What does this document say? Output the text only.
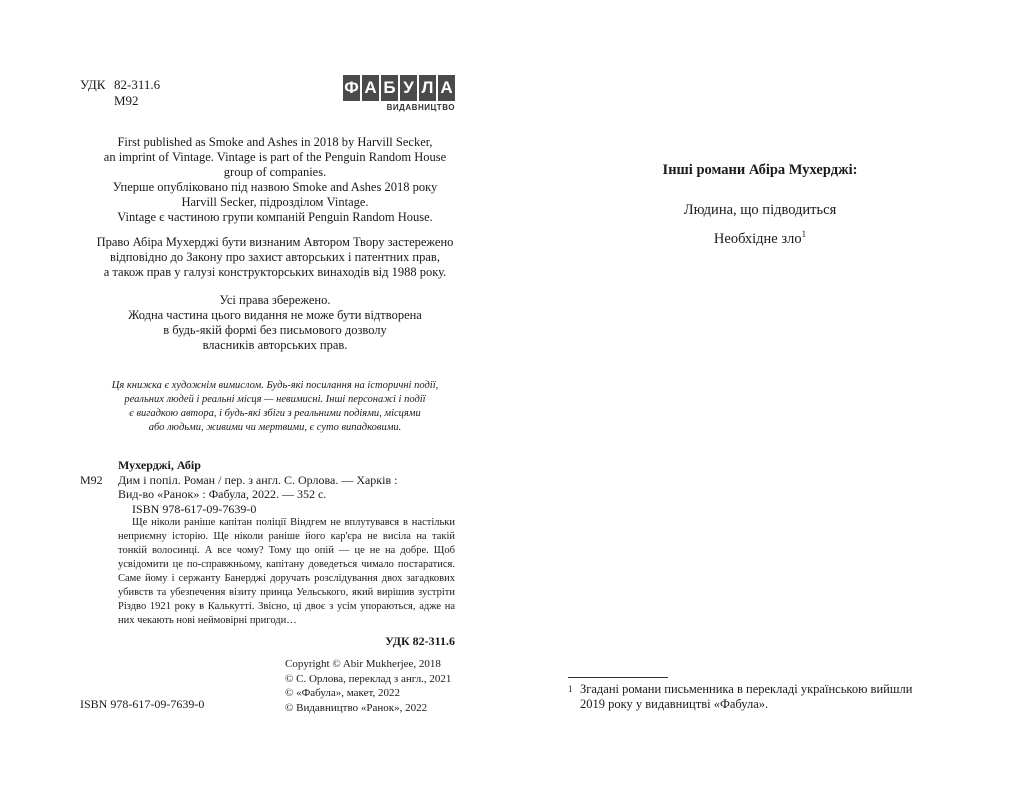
УДК 82-311.6
М92
Ф А Б У Л А
ВИДАВНИЦТВО
First published as Smoke and Ashes in 2018 by Harvill Secker,
an imprint of Vintage. Vintage is part of the Penguin Random House
group of companies.
Уперше опубліковано під назвою Smoke and Ashes 2018 року
Harvill Secker, підрозділом Vintage.
Vintage є частиною групи компаній Penguin Random House.
Право Абіра Мухерджі бути визнаним Автором Твору застережено
відповідно до Закону про захист авторських і патентних прав,
а також прав у галузі конструкторських винаходів від 1988 року.
Усі права збережено.
Жодна частина цього видання не може бути відтворена
в будь-якій формі без письмового дозволу
власників авторських прав.
Ця книжка є художнім вимислом. Будь-які посилання на історичні події,
реальних людей і реальні місця — невимисні. Інші персонажі і події
є вигадкою автора, і будь-які збіги з реальними подіями, місцями
або людьми, живими чи мертвими, є суто випадковими.
Мухерджі, Абір
М92	Дим і попіл. Роман / пер. з англ. С. Орлова. — Харків :
Вид-во «Ранок» : Фабула, 2022. — 352 с.
ISBN 978-617-09-7639-0
Ще ніколи раніше капітан поліції Віндгем не вплутувався в настільки неприємну історію. Ще ніколи раніше його кар'єра не висіла на такій тонкій волосинці. А все чому? Тому що опій — це не на добре. Щоб усвідомити це по-справжньому, капітану доведеться чимало постаратися. Саме йому і сержанту Банерджі доручать розслідування двох загадкових убивств та убезпечення візиту принца Уельського, який вирішив зустріти Різдво 1921 року в Калькутті. Звісно, ці двоє з усім упораються, адже на них чекають нові неймовірні пригоди…
УДК 82-311.6
ISBN 978-617-09-7639-0
Copyright © Abir Mukherjee, 2018
© С. Орлова, переклад з англ., 2021
© «Фабула», макет, 2022
© Видавництво «Ранок», 2022
Інші романи Абіра Мухерджі:
Людина, що підводиться
Необхідне зло$^1$
1 Згадані романи письменника в перекладі українською вийшли
2019 року у видавництві «Фабула».
